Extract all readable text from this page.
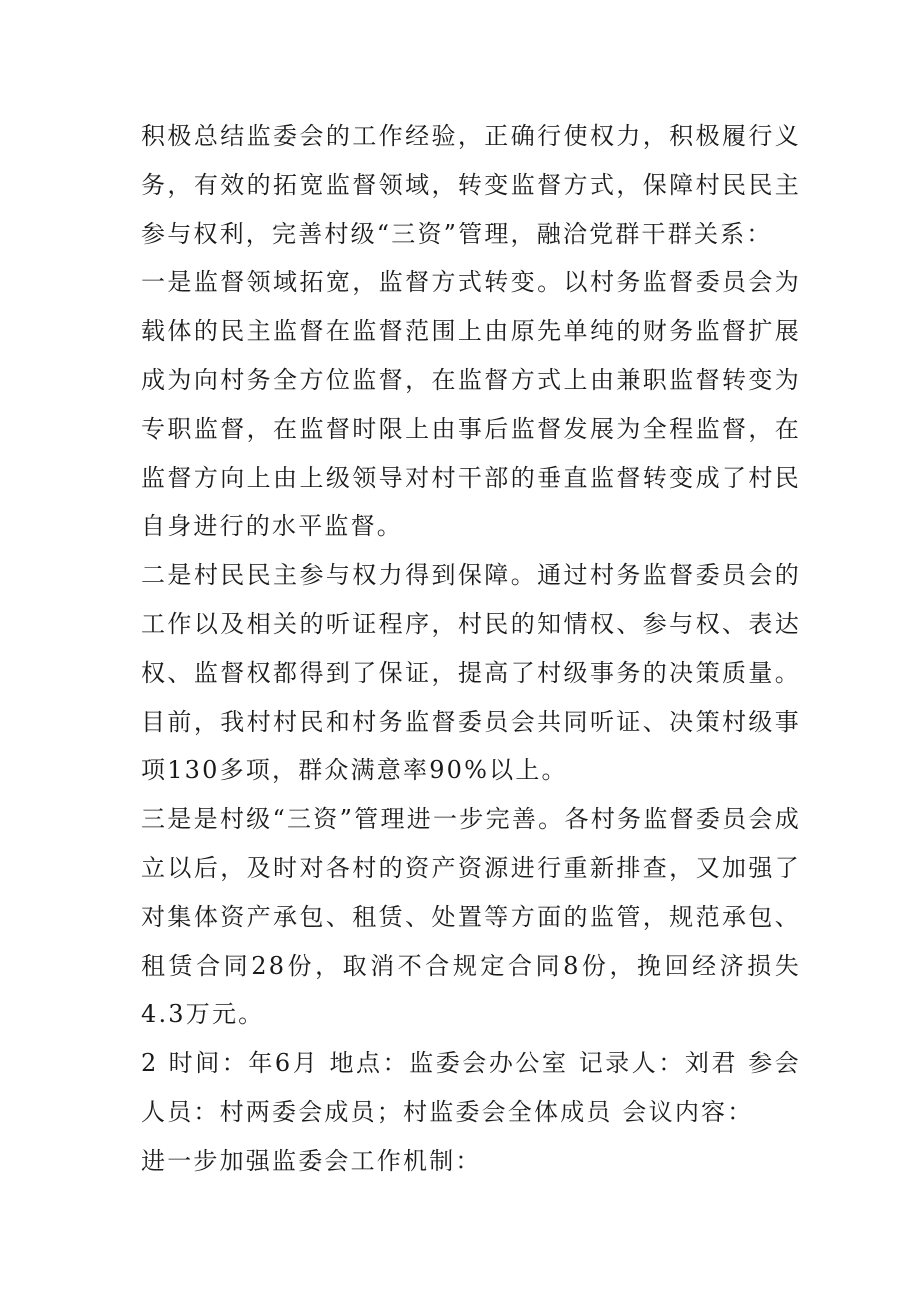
积极总结监委会的工作经验，正确行使权力，积极履行义务，有效的拓宽监督领域，转变监督方式，保障村民民主参与权利，完善村级“三资”管理，融洽党群干群关系：

一是监督领域拓宽，监督方式转变。以村务监督委员会为载体的民主监督在监督范围上由原先单纯的财务监督扩展成为向村务全方位监督，在监督方式上由兼职监督转变为专职监督，在监督时限上由事后监督发展为全程监督，在监督方向上由上级领导对村干部的垂直监督转变成了村民自身进行的水平监督。

二是村民民主参与权力得到保障。通过村务监督委员会的工作以及相关的听证程序，村民的知情权、参与权、表达权、监督权都得到了保证，提高了村级事务的决策质量。目前，我村村民和村务监督委员会共同听证、决策村级事项130多项，群众满意率90%以上。

三是是村级“三资”管理进一步完善。各村务监督委员会成立以后，及时对各村的资产资源进行重新排查，又加强了对集体资产承包、租赁、处置等方面的监管，规范承包、租赁合同28份，取消不合规定合同8份，挽回经济损失4.3万元。

2 时间：年6月 地点：监委会办公室 记录人：刘君 参会人员：村两委会成员；村监委会全体成员 会议内容：

进一步加强监委会工作机制：
